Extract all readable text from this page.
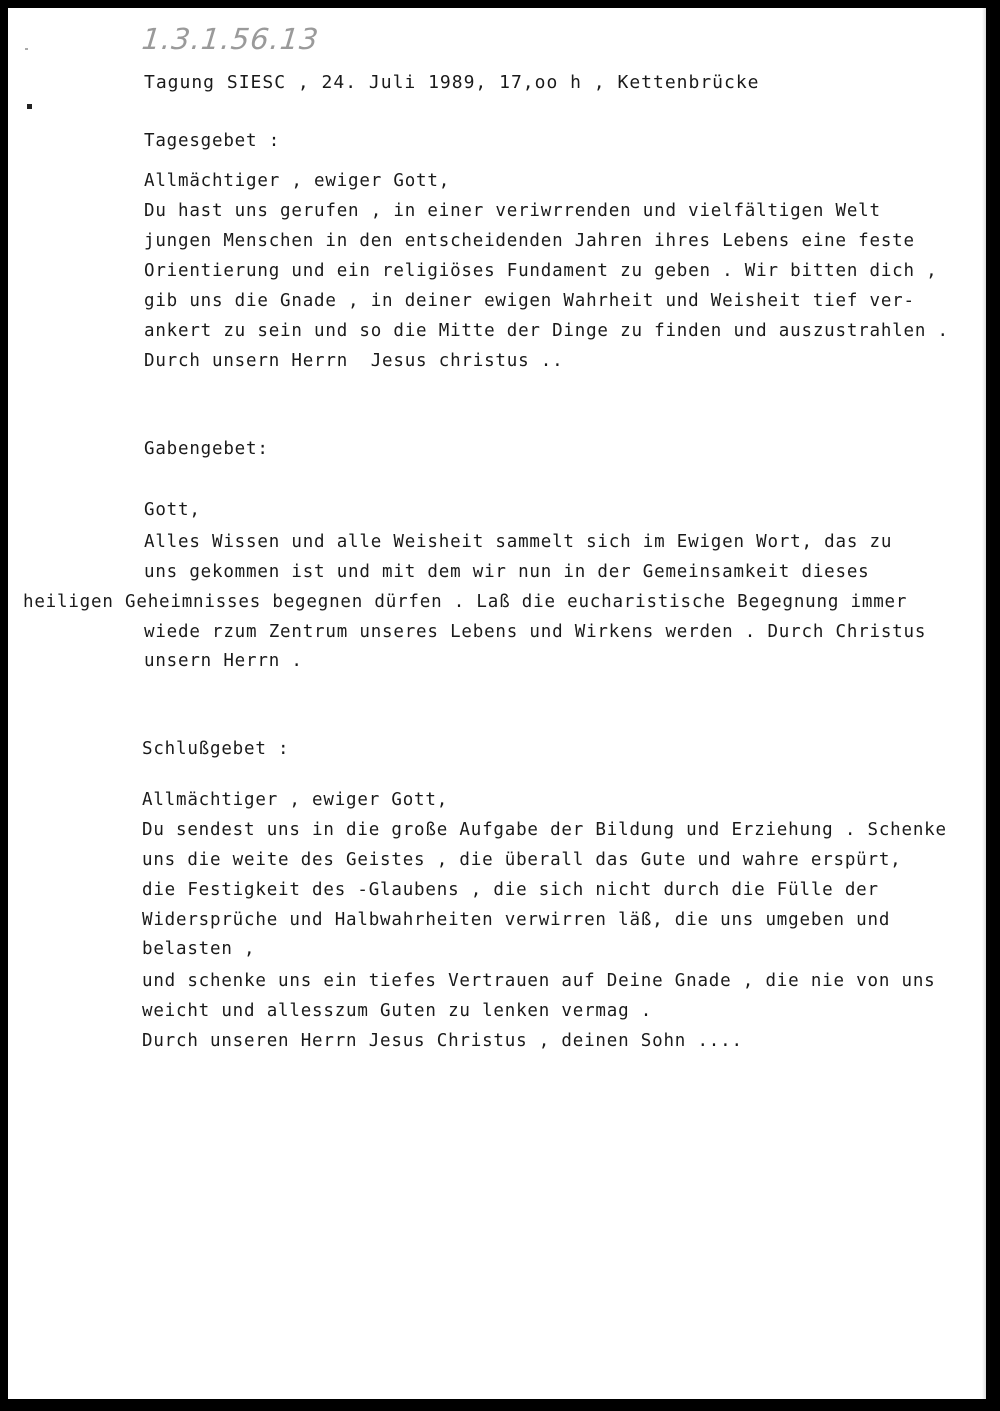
1.3.1.56.13
Tagung SIESC , 24. Juli 1989, 17,oo h , Kettenbrücke
Tagesgebet :
Allmächtiger , ewiger Gott,
Du hast uns gerufen , in einer veriwrrenden und vielfältigen Welt
jungen Menschen in den entscheidenden Jahren ihres Lebens eine feste
Orientierung und ein religiöses Fundament zu geben . Wir bitten dich ,
gib uns die Gnade , in deiner ewigen Wahrheit und Weisheit tief ver-
ankert zu sein und so die Mitte der Dinge zu finden und auszustrahlen .
Durch unsern Herrn  Jesus christus ..
Gabengebet:
Gott,
Alles Wissen und alle Weisheit sammelt sich im Ewigen Wort, das zu
uns gekommen ist und mit dem wir nun in der Gemeinsamkeit dieses
heiligen Geheimnisses begegnen dürfen . Laß die eucharistische Begegnung immer
wiede rzum Zentrum unseres Lebens und Wirkens werden . Durch Christus
unsern Herrn .
Schlußgebet :
Allmächtiger , ewiger Gott,
Du sendest uns in die große Aufgabe der Bildung und Erziehung . Schenke
uns die weite des Geistes , die überall das Gute und wahre erspürt,
die Festigkeit des -Glaubens , die sich nicht durch die Fülle der
Widersprüche und Halbwahrheiten verwirren läß, die uns umgeben und
belasten ,
und schenke uns ein tiefes Vertrauen auf Deine Gnade , die nie von uns
weicht und allesszum Guten zu lenken vermag .
Durch unseren Herrn Jesus Christus , deinen Sohn ....
